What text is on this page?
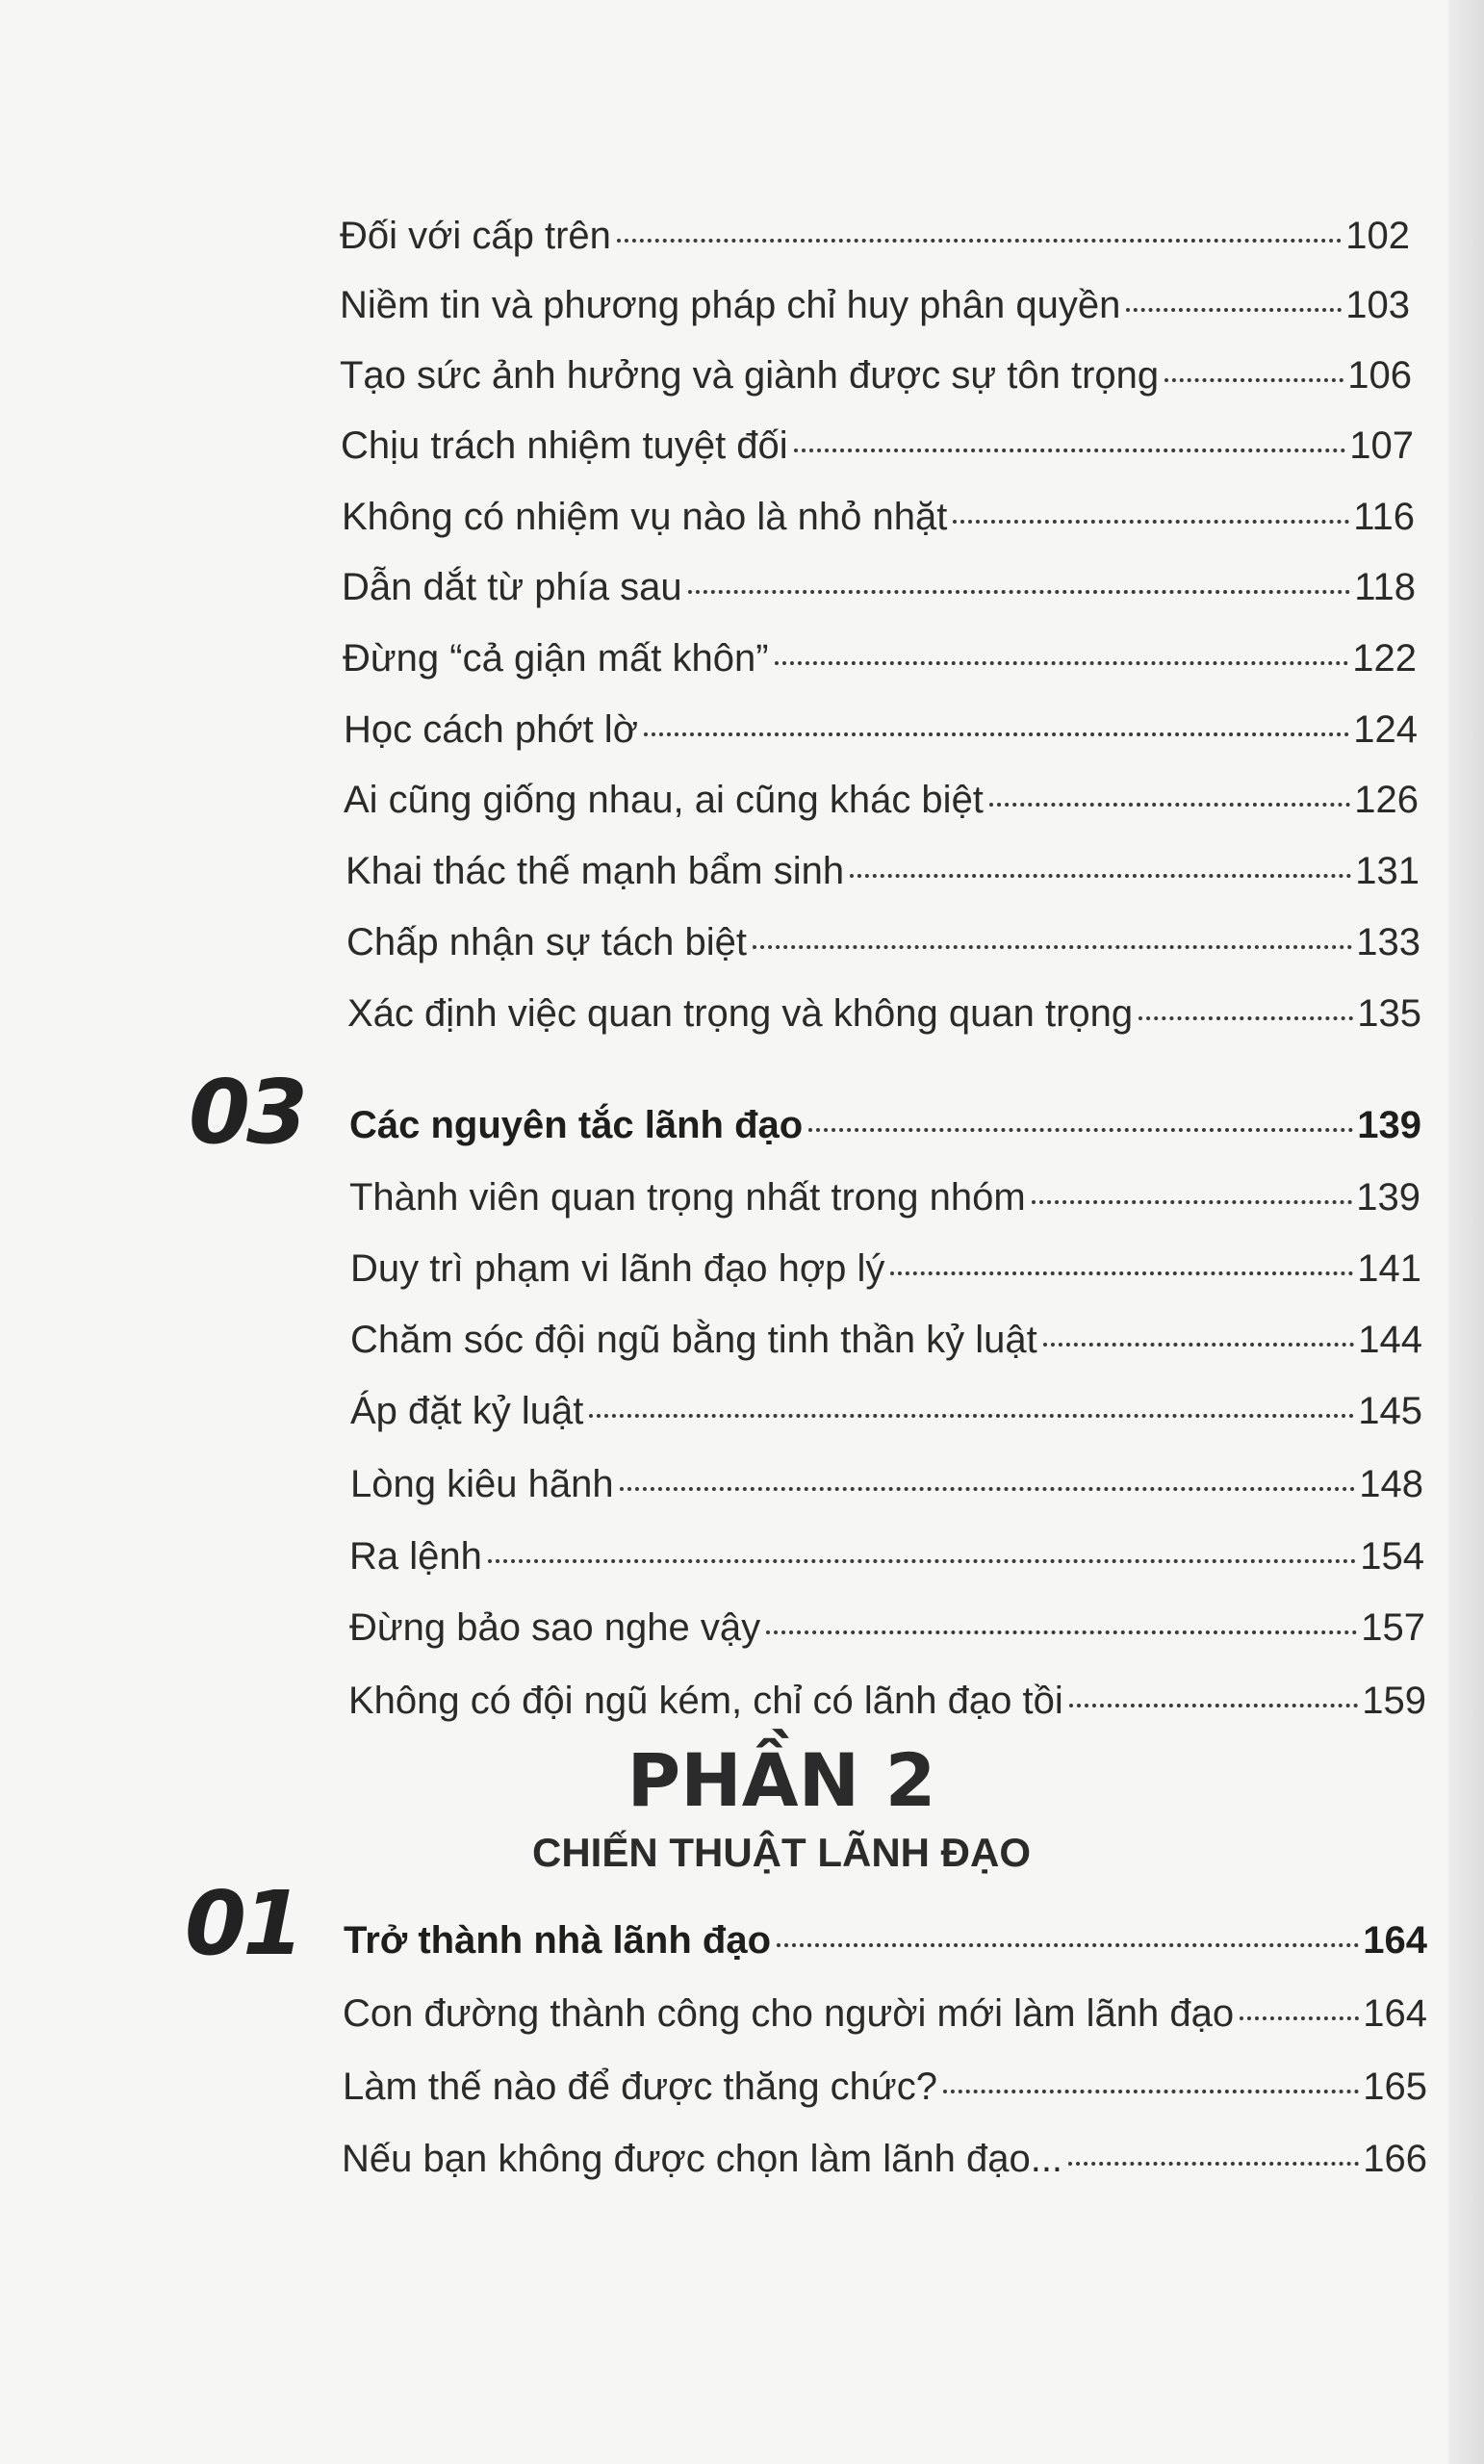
Đối với cấp trên	102
Niềm tin và phương pháp chỉ huy phân quyền	103
Tạo sức ảnh hưởng và giành được sự tôn trọng	106
Chịu trách nhiệm tuyệt đối	107
Không có nhiệm vụ nào là nhỏ nhặt	116
Dẫn dắt từ phía sau	118
Đừng “cả giận mất khôn”	122
Học cách phớt lờ	124
Ai cũng giống nhau, ai cũng khác biệt	126
Khai thác thế mạnh bẩm sinh	131
Chấp nhận sự tách biệt	133
Xác định việc quan trọng và không quan trọng	135
03 Các nguyên tắc lãnh đạo	139
Thành viên quan trọng nhất trong nhóm	139
Duy trì phạm vi lãnh đạo hợp lý	141
Chăm sóc đội ngũ bằng tinh thần kỷ luật	144
Áp đặt kỷ luật	145
Lòng kiêu hãnh	148
Ra lệnh	154
Đừng bảo sao nghe vậy	157
Không có đội ngũ kém, chỉ có lãnh đạo tồi	159
PHẦN 2
CHIẾN THUẬT LÃNH ĐẠO
01 Trở thành nhà lãnh đạo	164
Con đường thành công cho người mới làm lãnh đạo	164
Làm thế nào để được thăng chức?	165
Nếu bạn không được chọn làm lãnh đạo...	166
